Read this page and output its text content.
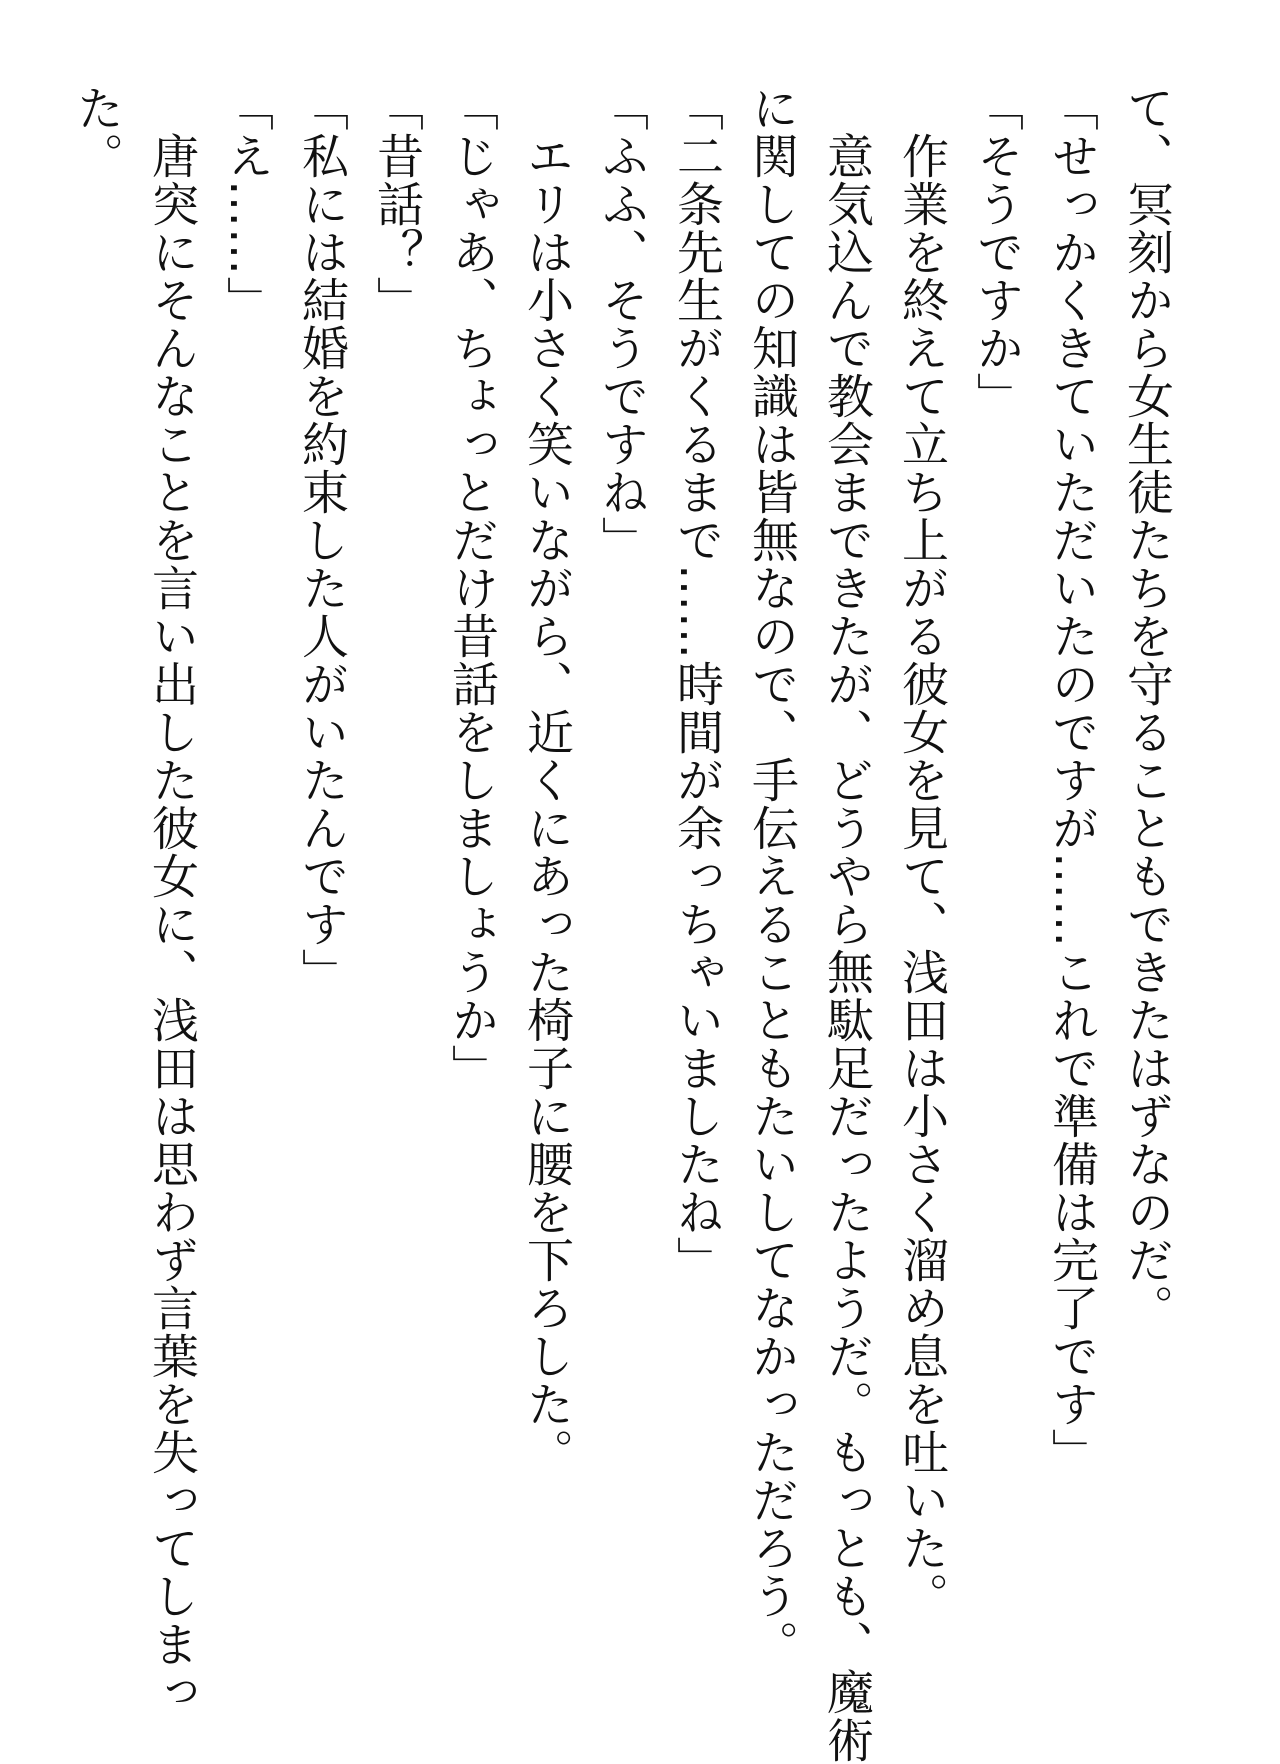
て、冥刻から女生徒たちを守ることもできたはずなのだ。

「せっかくきていただいたのですが……これで準備は完了です」

「そうですか」

　作業を終えて立ち上がる彼女を見て、浅田は小さく溜め息を吐いた。

　意気込んで教会まできたが、どうやら無駄足だったようだ。もっとも、魔術

に関しての知識は皆無なので、手伝えることもたいしてなかっただろう。

「二条先生がくるまで……時間が余っちゃいましたね」

「ふふ、そうですね」

　エリは小さく笑いながら、近くにあった椅子に腰を下ろした。

「じゃあ、ちょっとだけ昔話をしましょうか」

「昔話？」

「私には結婚を約束した人がいたんです」

「え……」

　唐突にそんなことを言い出した彼女に、浅田は思わず言葉を失ってしまっ

た。
